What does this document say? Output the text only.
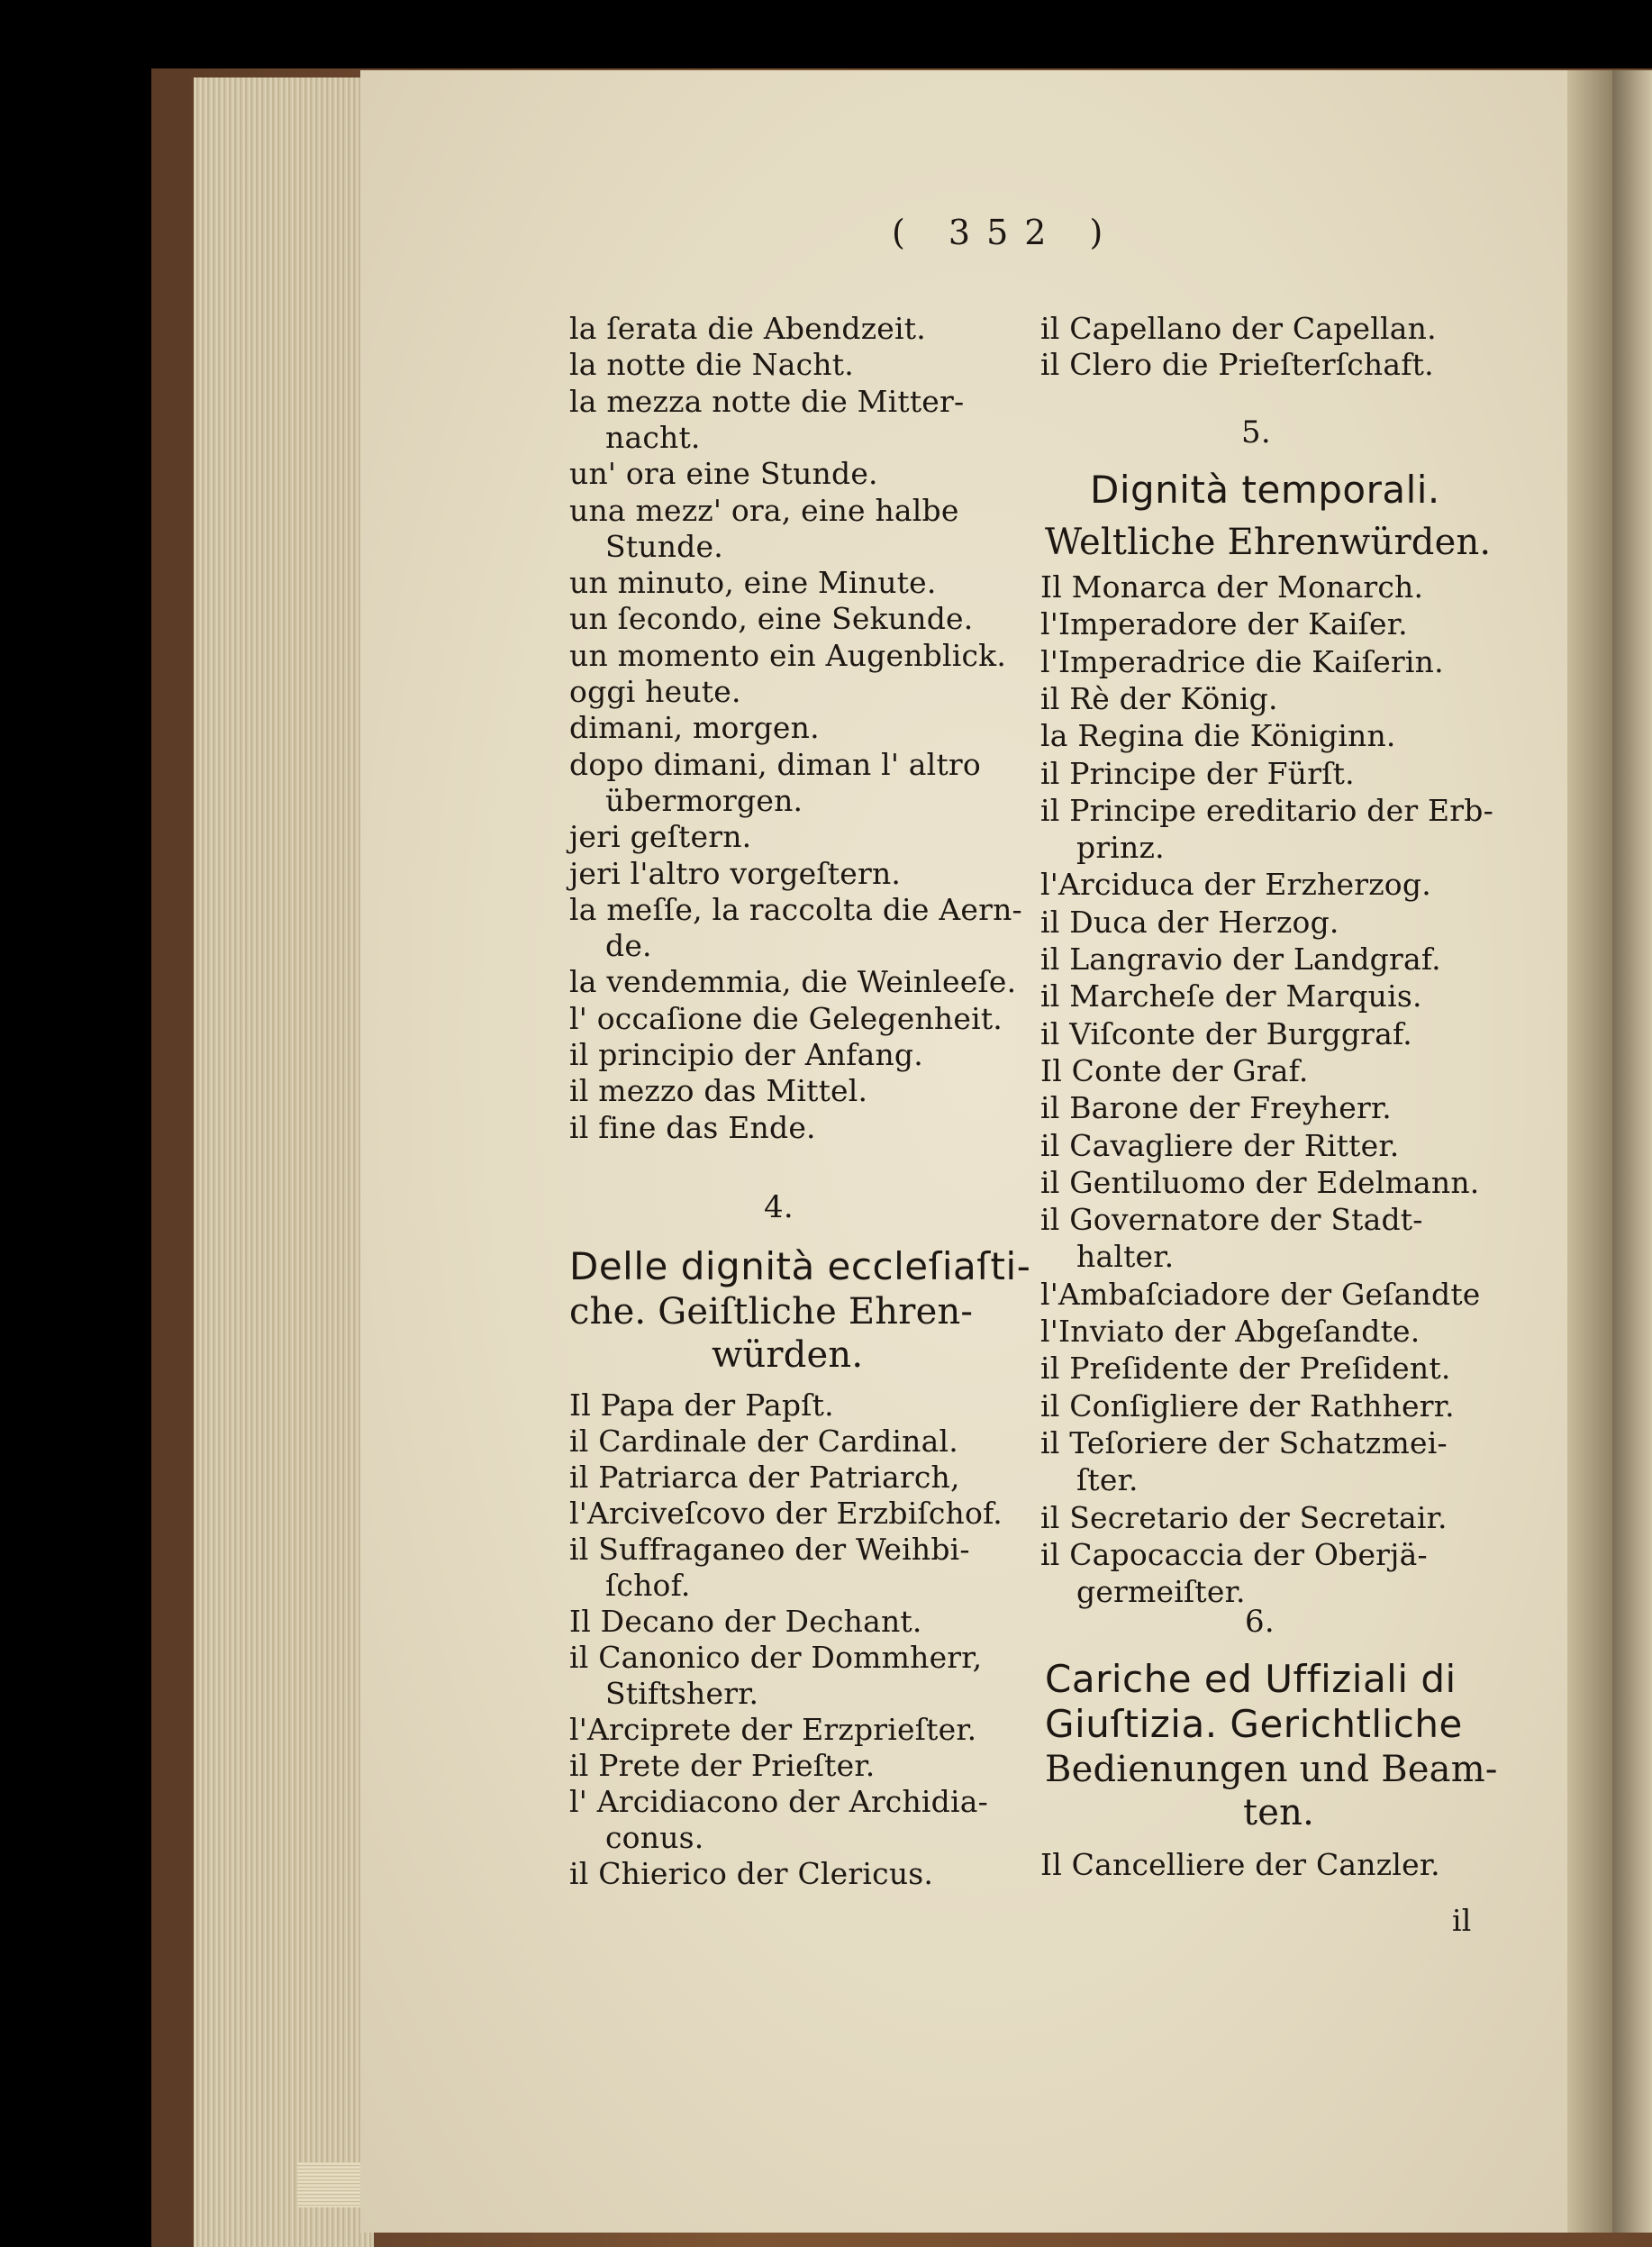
( 352 )
la ſerata die Abendzeit.
la notte die Nacht.
la mezza notte die Mitter-
nacht.
un' ora eine Stunde.
una mezz' ora, eine halbe
Stunde.
un minuto, eine Minute.
un ſecondo, eine Sekunde.
un momento ein Augenblick.
oggi heute.
dimani, morgen.
dopo dimani, diman l' altro
übermorgen.
jeri geſtern.
jeri l'altro vorgeſtern.
la meſſe, la raccolta die Aern-
de.
la vendemmia, die Weinleeſe.
l' occaſione die Gelegenheit.
il principio der Anfang.
il mezzo das Mittel.
il fine das Ende.
4.
Delle dignità eccleſiaſti-
che. Geiſtliche Ehren-
würden.
Il Papa der Papſt.
il Cardinale der Cardinal.
il Patriarca der Patriarch,
l'Arciveſcovo der Erzbiſchof.
il Suffraganeo der Weihbi-
ſchof.
Il Decano der Dechant.
il Canonico der Dommherr,
Stiftsherr.
l'Arciprete der Erzprieſter.
il Prete der Prieſter.
l' Arcidiacono der Archidia-
conus.
il Chierico der Clericus.
il Capellano der Capellan.
il Clero die Prieſterſchaft.
5.
Dignità temporali.
Weltliche Ehrenwürden.
Il Monarca der Monarch.
l'Imperadore der Kaiſer.
l'Imperadrice die Kaiſerin.
il Rè der König.
la Regina die Königinn.
il Principe der Fürſt.
il Principe ereditario der Erb-
prinz.
l'Arciduca der Erzherzog.
il Duca der Herzog.
il Langravio der Landgraf.
il Marcheſe der Marquis.
il Viſconte der Burggraf.
Il Conte der Graf.
il Barone der Freyherr.
il Cavagliere der Ritter.
il Gentiluomo der Edelmann.
il Governatore der Stadt-
halter.
l'Ambaſciadore der Geſandte
l'Inviato der Abgeſandte.
il Preſidente der Preſident.
il Conſigliere der Rathherr.
il Teſoriere der Schatzmei-
ſter.
il Secretario der Secretair.
il Capocaccia der Oberjä-
germeiſter.
6.
Cariche ed Uffiziali di
Giuſtizia. Gerichtliche
Bedienungen und Beam-
ten.
Il Cancelliere der Canzler.
il
